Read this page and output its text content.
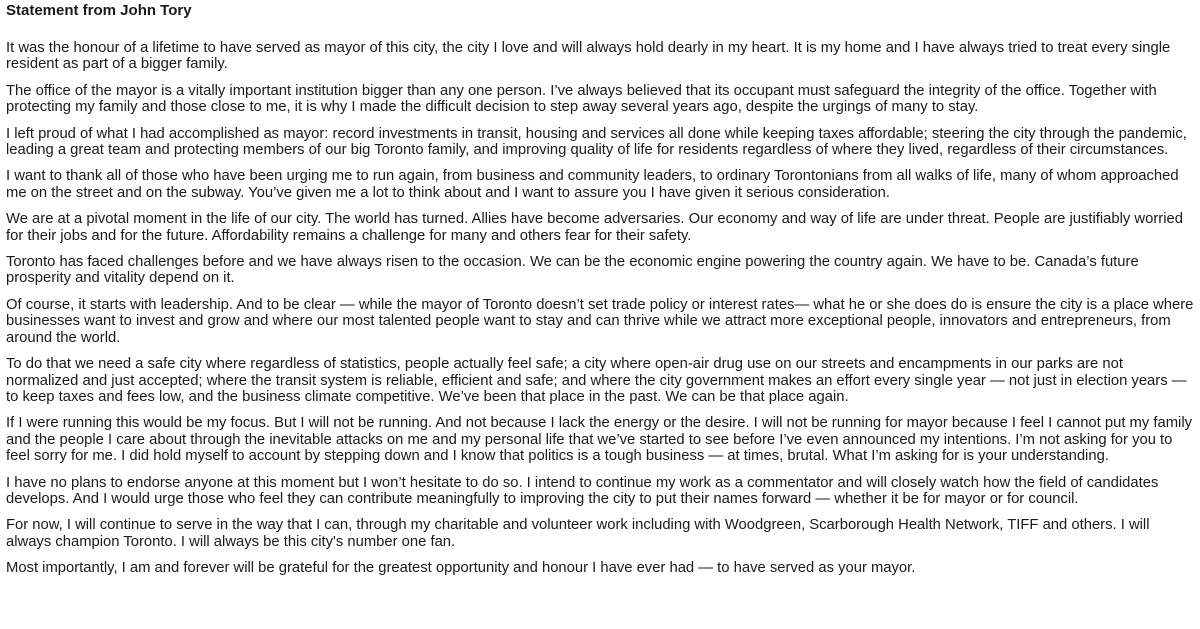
Statement from John Tory

It was the honour of a lifetime to have served as mayor of this city, the city I love and will always hold dearly in my heart. It is my home and I have always tried to treat every single resident as part of a bigger family.

The office of the mayor is a vitally important institution bigger than any one person. I’ve always believed that its occupant must safeguard the integrity of the office. Together with protecting my family and those close to me, it is why I made the difficult decision to step away several years ago, despite the urgings of many to stay.

I left proud of what I had accomplished as mayor: record investments in transit, housing and services all done while keeping taxes affordable; steering the city through the pandemic, leading a great team and protecting members of our big Toronto family, and improving quality of life for residents regardless of where they lived, regardless of their circumstances.

I want to thank all of those who have been urging me to run again, from business and community leaders, to ordinary Torontonians from all walks of life, many of whom approached me on the street and on the subway. You’ve given me a lot to think about and I want to assure you I have given it serious consideration.

We are at a pivotal moment in the life of our city. The world has turned. Allies have become adversaries. Our economy and way of life are under threat. People are justifiably worried for their jobs and for the future. Affordability remains a challenge for many and others fear for their safety.

Toronto has faced challenges before and we have always risen to the occasion. We can be the economic engine powering the country again. We have to be. Canada’s future prosperity and vitality depend on it.

Of course, it starts with leadership. And to be clear — while the mayor of Toronto doesn’t set trade policy or interest rates— what he or she does do is ensure the city is a place where businesses want to invest and grow and where our most talented people want to stay and can thrive while we attract more exceptional people, innovators and entrepreneurs, from around the world.

To do that we need a safe city where regardless of statistics, people actually feel safe; a city where open-air drug use on our streets and encampments in our parks are not normalized and just accepted; where the transit system is reliable, efficient and safe; and where the city government makes an effort every single year — not just in election years — to keep taxes and fees low, and the business climate competitive. We’ve been that place in the past. We can be that place again.

If I were running this would be my focus. But I will not be running. And not because I lack the energy or the desire. I will not be running for mayor because I feel I cannot put my family and the people I care about through the inevitable attacks on me and my personal life that we’ve started to see before I’ve even announced my intentions. I’m not asking for you to feel sorry for me. I did hold myself to account by stepping down and I know that politics is a tough business — at times, brutal. What I’m asking for is your understanding.

I have no plans to endorse anyone at this moment but I won’t hesitate to do so. I intend to continue my work as a commentator and will closely watch how the field of candidates develops. And I would urge those who feel they can contribute meaningfully to improving the city to put their names forward — whether it be for mayor or for council.

For now, I will continue to serve in the way that I can, through my charitable and volunteer work including with Woodgreen, Scarborough Health Network, TIFF and others. I will always champion Toronto. I will always be this city's number one fan.

Most importantly, I am and forever will be grateful for the greatest opportunity and honour I have ever had — to have served as your mayor.
